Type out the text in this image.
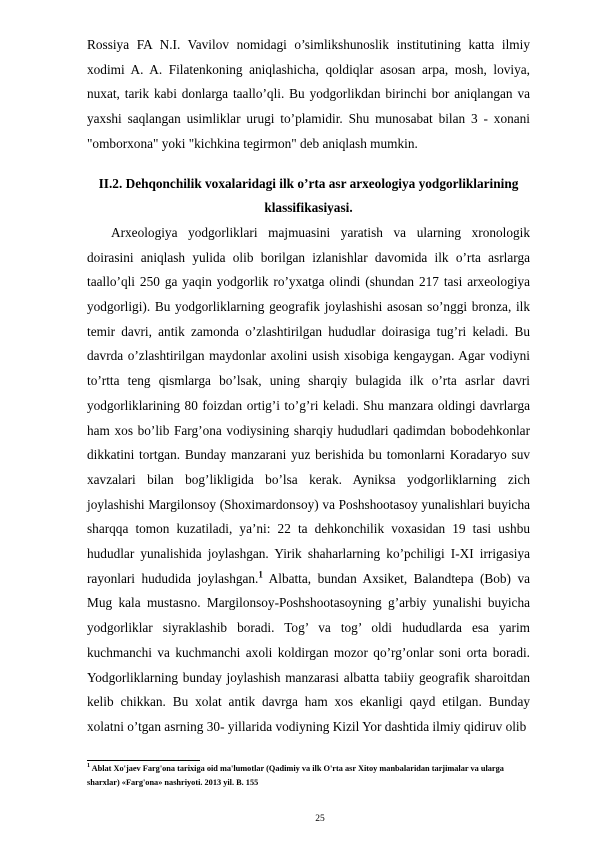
Rossiya FA N.I. Vavilov nomidagi o’simlikshunoslik institutining katta ilmiy xodimi A. A. Filatenkoning aniqlashicha, qoldiqlar asosan arpa, mosh, loviya, nuxat, tarik kabi donlarga taallo’qli. Bu yodgorlikdan birinchi bor aniqlangan va yaxshi saqlangan usimliklar urugi to’plamidir. Shu munosabat bilan 3 - xonani "omborxona" yoki "kichkina tegirmon" deb aniqlash mumkin.

II.2. Dehqonchilik voxalaridagi ilk o’rta asr arxeologiya yodgorliklarining klassifikasiyasi.

Arxeologiya yodgorliklari majmuasini yaratish va ularning xronologik doirasini aniqlash yulida olib borilgan izlanishlar davomida ilk o’rta asrlarga taallo’qli 250 ga yaqin yodgorlik ro’yxatga olindi (shundan 217 tasi arxeologiya yodgorligi). Bu yodgorliklarning geografik joylashishi asosan so’nggi bronza, ilk temir davri, antik zamonda o’zlashtirilgan hududlar doirasiga tug’ri keladi. Bu davrda o’zlashtirilgan maydonlar axolini usish xisobiga kengaygan. Agar vodiyni to’rtta teng qismlarga bo’lsak, uning sharqiy bulagida ilk o’rta asrlar davri yodgorliklarining 80 foizdan ortig’i to’g’ri keladi. Shu manzara oldingi davrlarga ham xos bo’lib Farg’ona vodiysining sharqiy hududlari qadimdan bobodehkonlar dikkatini tortgan. Bunday manzarani yuz berishida bu tomonlarni Koradaryo suv xavzalari bilan bog’likligida bo’lsa kerak. Ayniksa yodgorliklarning zich joylashishi Margilonsoy (Shoximardonsoy) va Poshshootasoy yunalishlari buyicha sharqqa tomon kuzatiladi, ya’ni: 22 ta dehkonchilik voxasidan 19 tasi ushbu hududlar yunalishida joylashgan. Yirik shaharlarning ko’pchiligi I-XI irrigasiya rayonlari hududida joylashgan.$^1$ Albatta, bundan Axsiket, Balandtepa (Bob) va Mug kala mustasno. Margilonsoy-Poshshootasoyning g’arbiy yunalishi buyicha yodgorliklar siyraklashib boradi. Tog’ va tog’ oldi hududlarda esa yarim kuchmanchi va kuchmanchi axoli koldirgan mozor qo’rg’onlar soni orta boradi. Yodgorliklarning bunday joylashish manzarasi albatta tabiiy geografik sharoitdan kelib chikkan. Bu xolat antik davrga ham xos ekanligi qayd etilgan. Bunday xolatni o’tgan asrning 30- yillarida vodiyning Kizil Yor dashtida ilmiy qidiruv olib

$^1$ Ablat Xo'jaev Farg'ona tarixiga oid ma'lumotlar (Qadimiy va ilk O'rta asr Xitoy manbalaridan tarjimalar va ularga sharxlar) «Farg'ona» nashriyoti. 2013 yil. B. 155
25
